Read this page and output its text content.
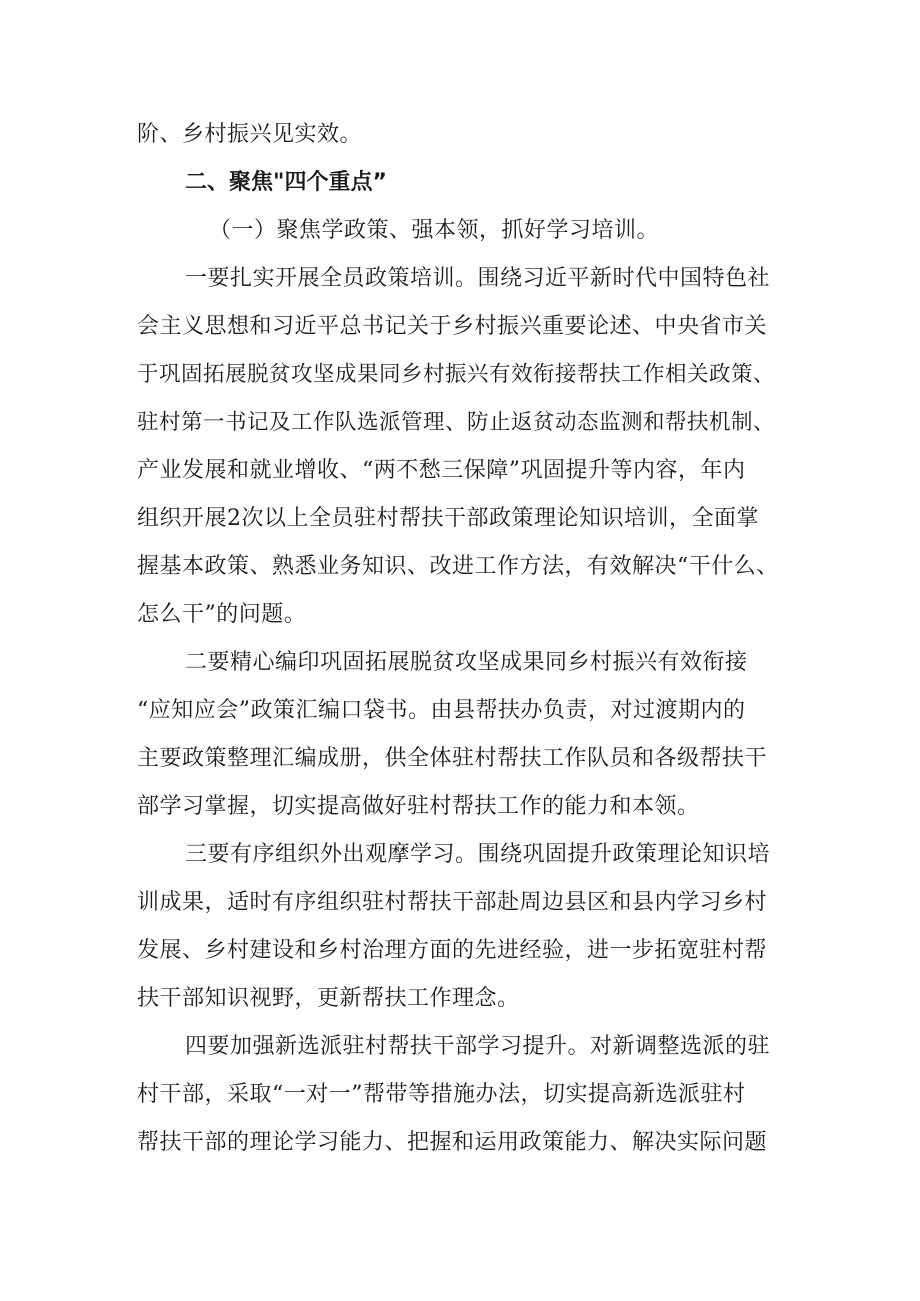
阶、乡村振兴见实效。
二、聚焦"四个重点”
（一）聚焦学政策、强本领，抓好学习培训。
一要扎实开展全员政策培训。围绕习近平新时代中国特色社
会主义思想和习近平总书记关于乡村振兴重要论述、中央省市关
于巩固拓展脱贫攻坚成果同乡村振兴有效衔接帮扶工作相关政策、
驻村第一书记及工作队选派管理、防止返贫动态监测和帮扶机制、
产业发展和就业增收、“两不愁三保障”巩固提升等内容，年内
组织开展2次以上全员驻村帮扶干部政策理论知识培训，全面掌
握基本政策、熟悉业务知识、改进工作方法，有效解决“干什么、
怎么干”的问题。
二要精心编印巩固拓展脱贫攻坚成果同乡村振兴有效衔接
“应知应会”政策汇编口袋书。由县帮扶办负责，对过渡期内的
主要政策整理汇编成册，供全体驻村帮扶工作队员和各级帮扶干
部学习掌握，切实提高做好驻村帮扶工作的能力和本领。
三要有序组织外出观摩学习。围绕巩固提升政策理论知识培
训成果，适时有序组织驻村帮扶干部赴周边县区和县内学习乡村
发展、乡村建设和乡村治理方面的先进经验，进一步拓宽驻村帮
扶干部知识视野，更新帮扶工作理念。
四要加强新选派驻村帮扶干部学习提升。对新调整选派的驻
村干部，采取“一对一”帮带等措施办法，切实提高新选派驻村
帮扶干部的理论学习能力、把握和运用政策能力、解决实际问题
